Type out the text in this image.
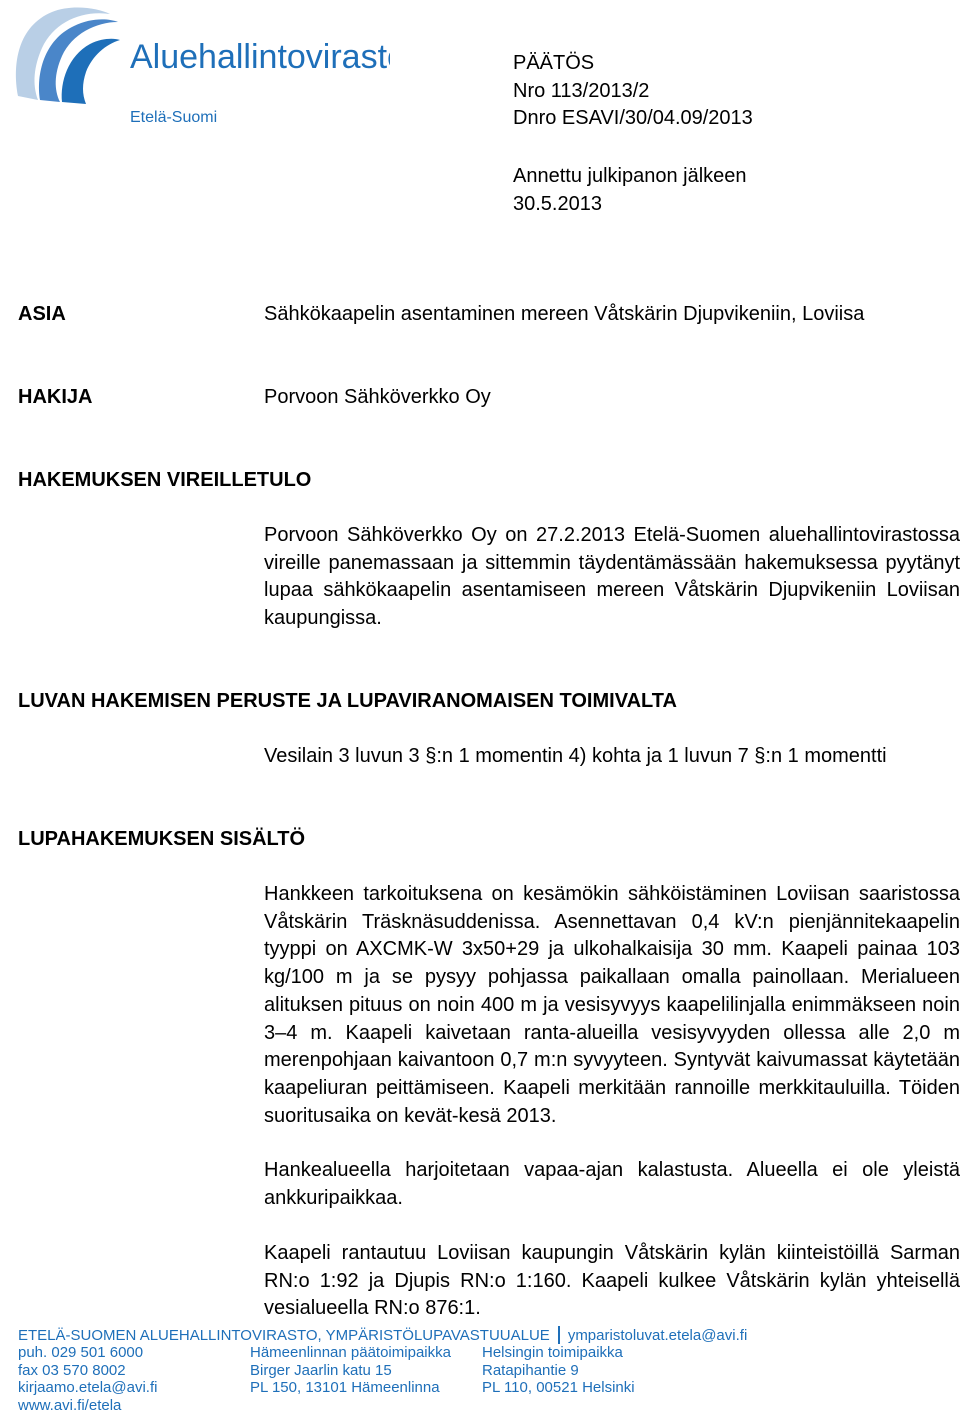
Aluehallintovirasto
Etelä-Suomi
PÄÄTÖS
Nro 113/2013/2
Dnro ESAVI/30/04.09/2013
Annettu julkipanon jälkeen
30.5.2013
ASIA	Sähkökaapelin asentaminen mereen Våtskärin Djupvikeniin, Loviisa
HAKIJA	Porvoon Sähköverkko Oy
HAKEMUKSEN VIREILLETULO
Porvoon Sähköverkko Oy on 27.2.2013 Etelä-Suomen aluehallintovirastossa vireille panemassaan ja sittemmin täydentämässään hakemuksessa pyytänyt lupaa sähkökaapelin asentamiseen mereen Våtskärin Djupvikeniin Loviisan kaupungissa.
LUVAN HAKEMISEN PERUSTE JA LUPAVIRANOMAISEN TOIMIVALTA
Vesilain 3 luvun 3 §:n 1 momentin 4) kohta ja 1 luvun 7 §:n 1 momentti
LUPAHAKEMUKSEN SISÄLTÖ
Hankkeen tarkoituksena on kesämökin sähköistäminen Loviisan saaristossa Våtskärin Träsknäsuddenissa. Asennettavan 0,4 kV:n pienjännitekaapelin tyyppi on AXCMK-W 3x50+29 ja ulkohalkaisija 30 mm. Kaapeli painaa 103 kg/100 m ja se pysyy pohjassa paikallaan omalla painollaan. Merialueen alituksen pituus on noin 400 m ja vesisyvyys kaapelilinjalla enimmäkseen noin 3–4 m. Kaapeli kaivetaan ranta-alueilla vesisyvyyden ollessa alle 2,0 m merenpohjaan kaivantoon 0,7 m:n syvyyteen. Syntyvät kaivumassat käytetään kaapeliuran peittämiseen. Kaapeli merkitään rannoille merkkitauluilla. Töiden suoritusaika on kevät-kesä 2013.
Hankealueella harjoitetaan vapaa-ajan kalastusta. Alueella ei ole yleistä ankkuripaikkaa.
Kaapeli rantautuu Loviisan kaupungin Våtskärin kylän kiinteistöillä Sarman RN:o 1:92 ja Djupis RN:o 1:160. Kaapeli kulkee Våtskärin kylän yhteisellä vesialueella RN:o 876:1.
ETELÄ-SUOMEN ALUEHALLINTOVIRASTO, YMPÄRISTÖLUPAVASTUUALUE ymparistoluvat.etela@avi.fi
puh. 029 501 6000
fax 03 570 8002
kirjaamo.etela@avi.fi
www.avi.fi/etela
Hämeenlinnan päätoimipaikka
Birger Jaarlin katu 15
PL 150, 13101 Hämeenlinna
Helsingin toimipaikka
Ratapihantie 9
PL 110, 00521 Helsinki
